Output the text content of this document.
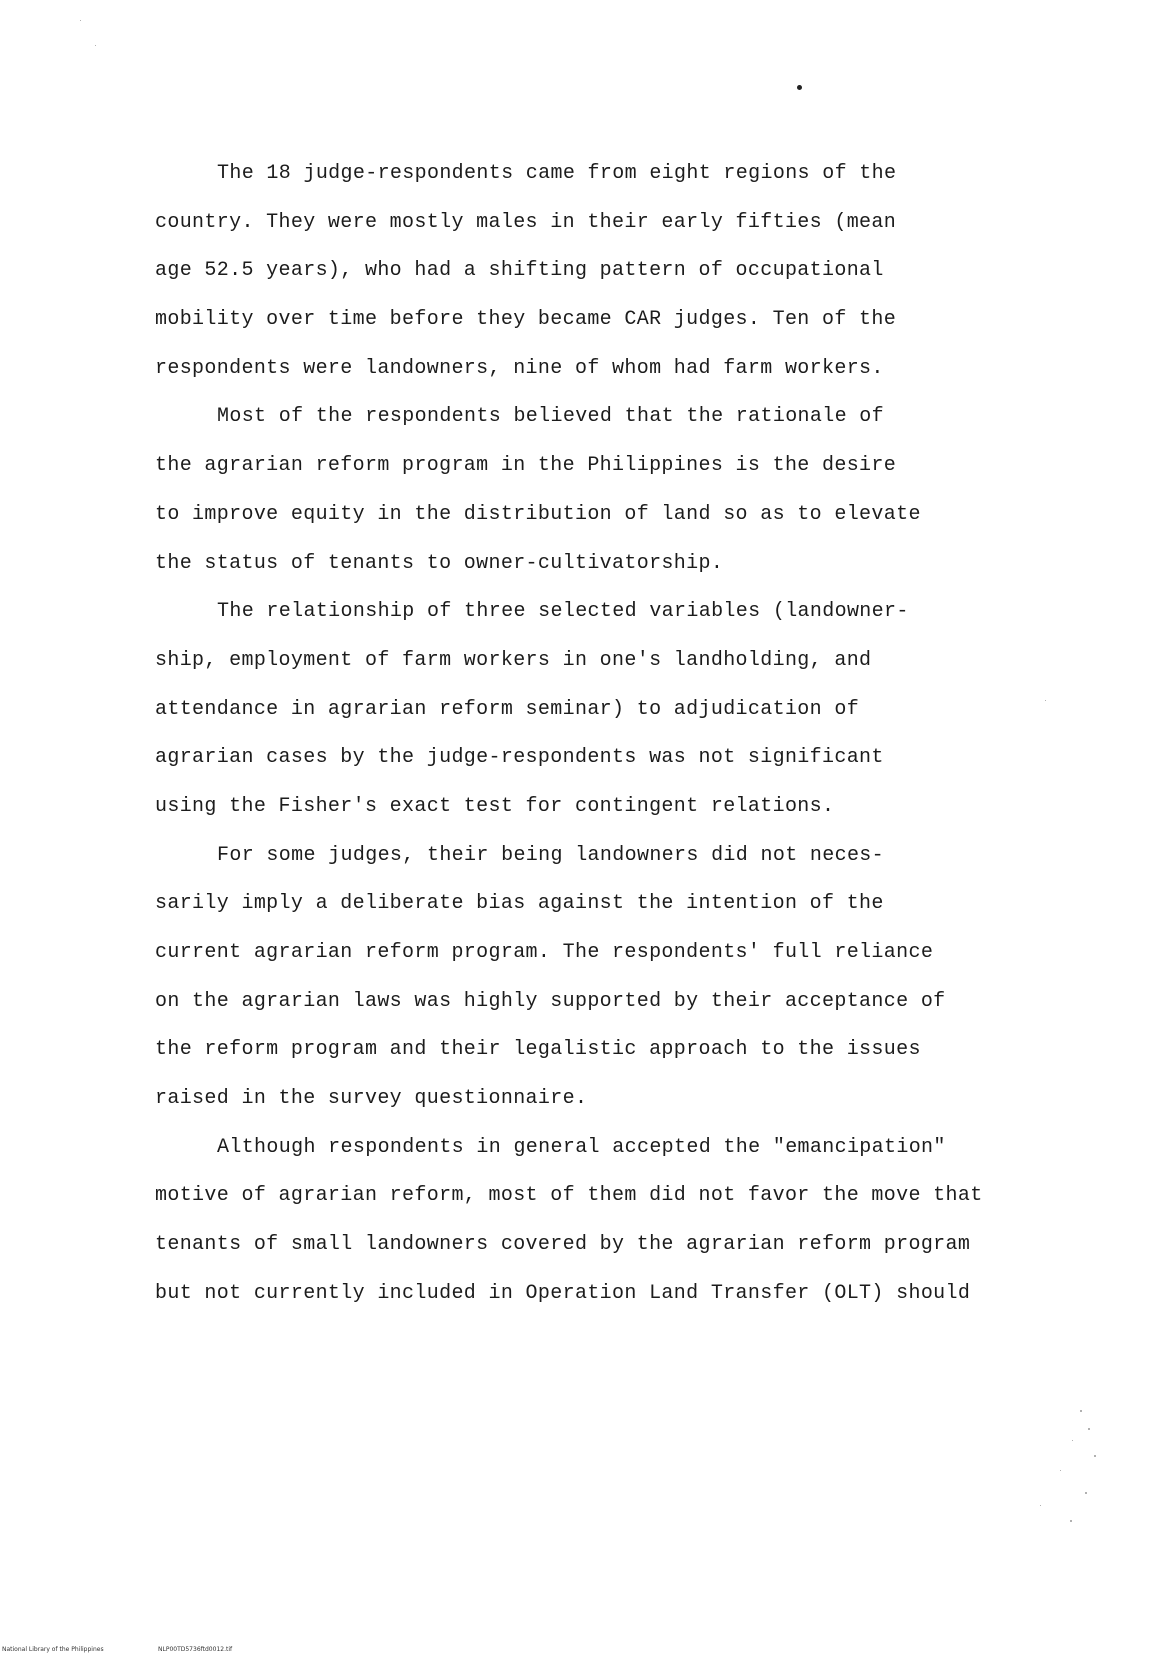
The 18 judge-respondents came from eight regions of the
country. They were mostly males in their early fifties (mean
age 52.5 years), who had a shifting pattern of occupational
mobility over time before they became CAR judges. Ten of the
respondents were landowners, nine of whom had farm workers.
Most of the respondents believed that the rationale of
the agrarian reform program in the Philippines is the desire
to improve equity in the distribution of land so as to elevate
the status of tenants to owner-cultivatorship.
The relationship of three selected variables (landowner-
ship, employment of farm workers in one's landholding, and
attendance in agrarian reform seminar) to adjudication of
agrarian cases by the judge-respondents was not significant
using the Fisher's exact test for contingent relations.
For some judges, their being landowners did not neces-
sarily imply a deliberate bias against the intention of the
current agrarian reform program. The respondents' full reliance
on the agrarian laws was highly supported by their acceptance of
the reform program and their legalistic approach to the issues
raised in the survey questionnaire.
Although respondents in general accepted the "emancipation"
motive of agrarian reform, most of them did not favor the move that
tenants of small landowners covered by the agrarian reform program
but not currently included in Operation Land Transfer (OLT) should
National Library of the Philippines	NLP00TD5736ftd0012.tif
